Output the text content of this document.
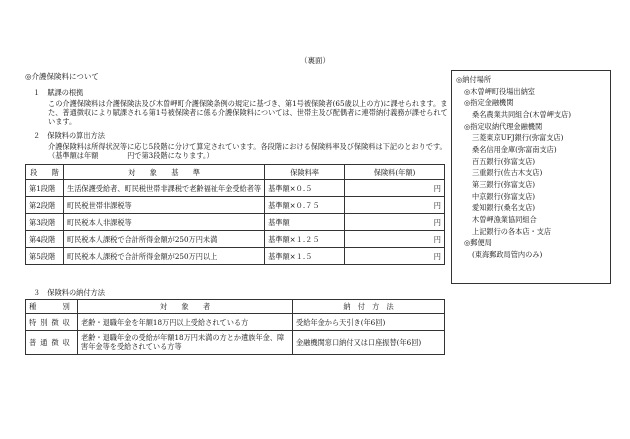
（裏面）
◎介護保険料について
１　賦課の根拠
この介護保険料は介護保険法及び木曽岬町介護保険条例の規定に基づき、第1号被保険者(65歳以上の方)に課せられます。また、普通徴収により賦課される第1号被保険者に係る介護保険料については、世帯主及び配偶者に連帯納付義務が課せられています。
２　保険料の算出方法
介護保険料は所得状況等に応じ5段階に分けて算定されています。各段階における保険料率及び保険料は下記のとおりです。（基準額は年額　　　　円で第3段階になります。）
段　　階	対　　象　　基　　準	保険料率	保険料(年額)
第1段階	生活保護受給者、町民税世帯非課税で老齢福祉年金受給者等	基準額×０.５	円
第2段階	町民税世帯非課税等	基準額×０.７５	円
第3段階	町民税本人非課税等	基準額	円
第4段階	町民税本人課税で合計所得金額が250万円未満	基準額×１.２５	円
第5段階	町民税本人課税で合計所得金額が250万円以上	基準額×１.５	円
３　保険料の納付方法
種　　別	対　　象　　者	納　付　方　法
特別徴収	老齢・退職年金を年額18万円以上受給されている方	受給年金から天引き(年6回)
普通徴収	老齢・退職年金の受給が年額18万円未満の方とか遺族年金、障害年金等を受給されている方等	金融機関窓口納付又は口座振替(年6回)
◎納付場所
◎木曽岬町役場出納室
◎指定金融機関
桑名農業共同組合(木曽岬支店)
◎指定収納代理金融機関
三菱東京UFJ銀行(弥富支店)
桑名信用金庫(弥富南支店)
百五銀行(弥富支店)
三重銀行(佐古木支店)
第三銀行(弥富支店)
中京銀行(弥富支店)
愛知銀行(桑名支店)
木曽岬漁業協同組合
上記銀行の各本店・支店
◎郵便局
(東海郵政局管内のみ)
